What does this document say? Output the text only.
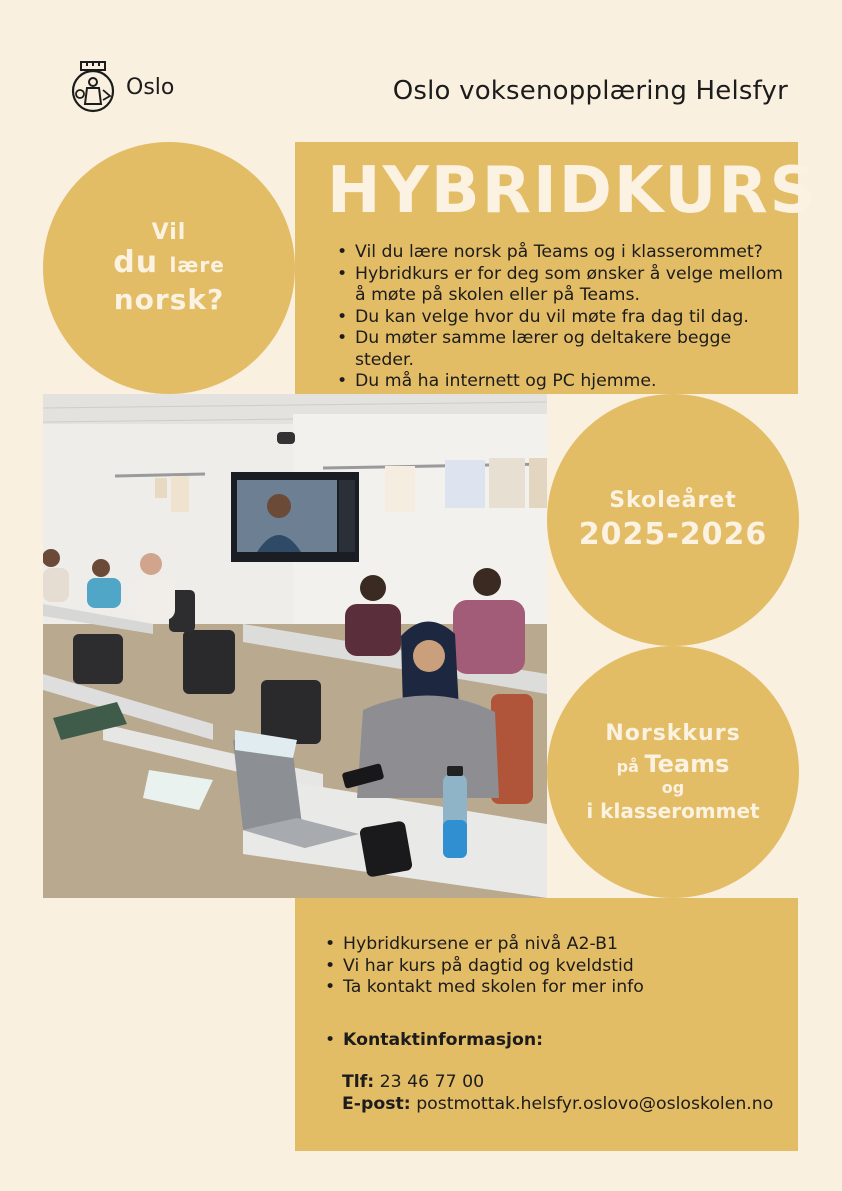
Oslo	Oslo voksenopplæring Helsfyr
Vil
du lære
norsk?
HYBRIDKURS
• Vil du lære norsk på Teams og i klasserommet?
• Hybridkurs er for deg som ønsker å velge mellom å møte på skolen eller på Teams.
• Du kan velge hvor du vil møte fra dag til dag.
• Du møter samme lærer og deltakere begge steder.
• Du må ha internett og PC hjemme.
Skoleåret
2025-2026
Norskkurs
på Teams
og
i klasserommet
• Hybridkursene er på nivå A2-B1
• Vi har kurs på dagtid og kveldstid
• Ta kontakt med skolen for mer info
• Kontaktinformasjon:
Tlf: 23 46 77 00
E-post: postmottak.helsfyr.oslovo@osloskolen.no
